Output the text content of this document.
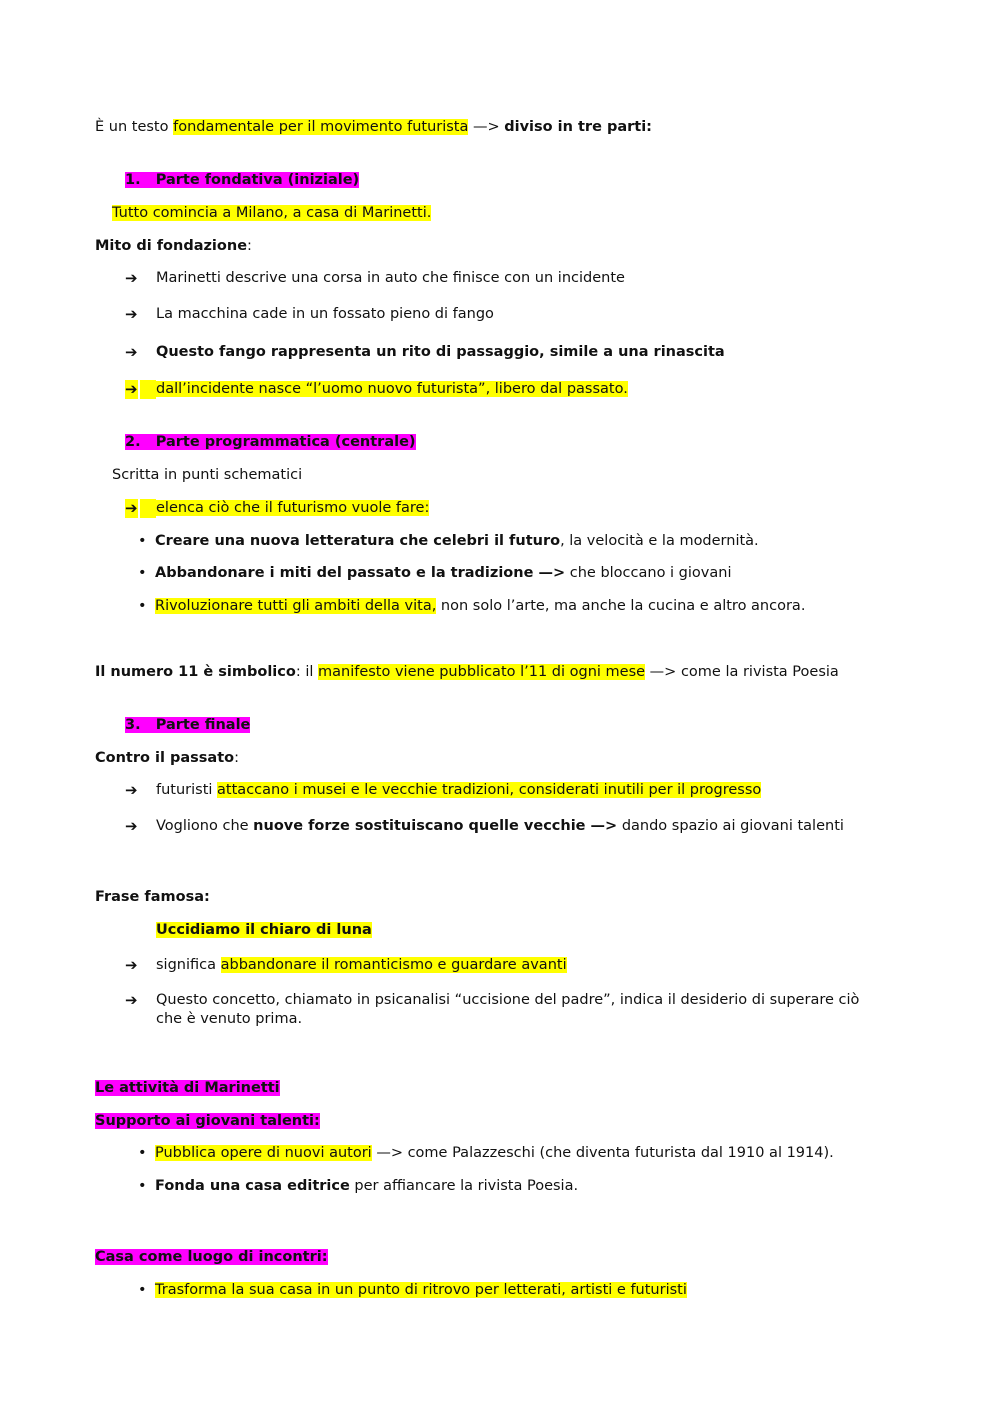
È un testo fondamentale per il movimento futurista —> diviso in tre parti:
1.   Parte fondativa (iniziale)
Tutto comincia a Milano, a casa di Marinetti.
Mito di fondazione:
➔ Marinetti descrive una corsa in auto che finisce con un incidente
➔ La macchina cade in un fossato pieno di fango
➔ Questo fango rappresenta un rito di passaggio, simile a una rinascita
➔	dall’incidente nasce “l’uomo nuovo futurista”, libero dal passato.
2.   Parte programmatica (centrale)
Scritta in punti schematici
➔	elenca ciò che il futurismo vuole fare:
• Creare una nuova letteratura che celebri il futuro, la velocità e la modernità.
• Abbandonare i miti del passato e la tradizione —> che bloccano i giovani
• Rivoluzionare tutti gli ambiti della vita, non solo l’arte, ma anche la cucina e altro ancora.
Il numero 11 è simbolico: il manifesto viene pubblicato l’11 di ogni mese —> come la rivista Poesia
3.   Parte finale
Contro il passato:
➔ futuristi attaccano i musei e le vecchie tradizioni, considerati inutili per il progresso
➔ Vogliono che nuove forze sostituiscano quelle vecchie —> dando spazio ai giovani talenti
Frase famosa:
Uccidiamo il chiaro di luna
➔ significa abbandonare il romanticismo e guardare avanti
➔ Questo concetto, chiamato in psicanalisi “uccisione del padre”, indica il desiderio di superare ciò
che è venuto prima.
Le attività di Marinetti
Supporto ai giovani talenti:
• Pubblica opere di nuovi autori —> come Palazzeschi (che diventa futurista dal 1910 al 1914).
• Fonda una casa editrice per affiancare la rivista Poesia.
Casa come luogo di incontri:
• Trasforma la sua casa in un punto di ritrovo per letterati, artisti e futuristi
